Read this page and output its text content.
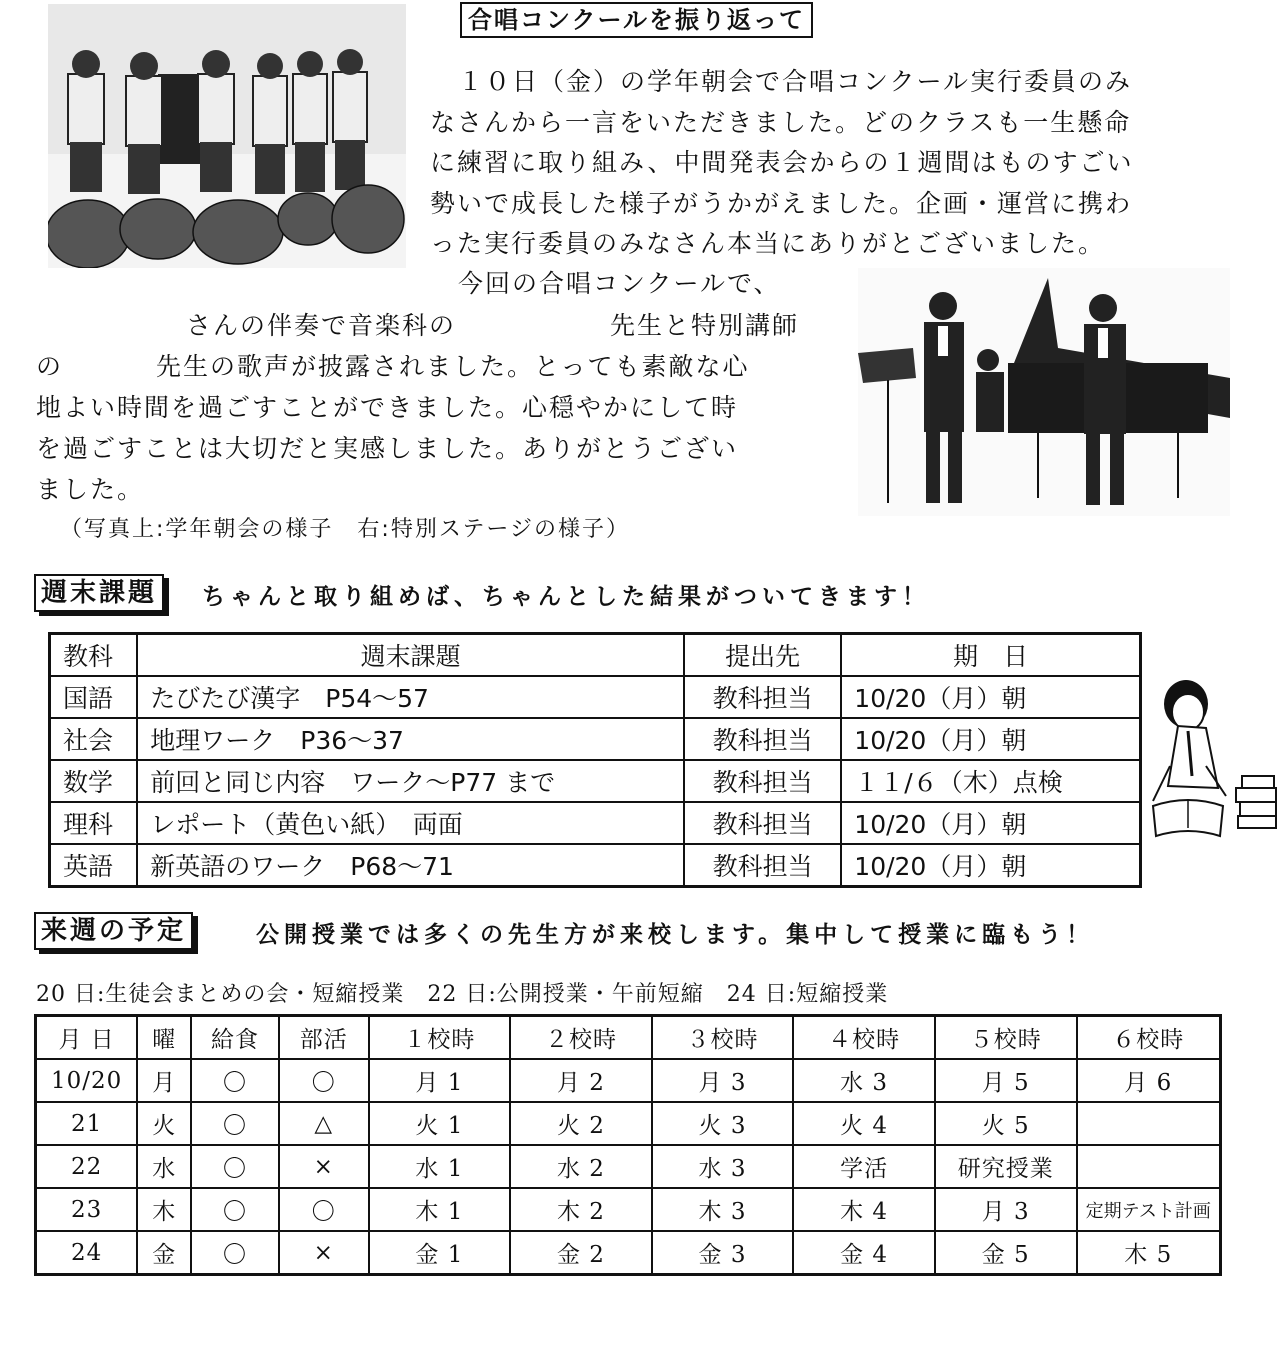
合唱コンクールを振り返って
１０日（金）の学年朝会で合唱コンクール実行委員のみ
なさんから一言をいただきました。どのクラスも一生懸命
に練習に取り組み、中間発表会からの１週間はものすごい
勢いで成長した様子がうかがえました。企画・運営に携わ
った実行委員のみなさん本当にありがとございました。
今回の合唱コンクールで、
さんの伴奏で音楽科の	先生と特別講師
の	先生の歌声が披露されました。とっても素敵な心
地よい時間を過ごすことができました。心穏やかにして時
を過ごすことは大切だと実感しました。ありがとうござい
ました。
（写真上:学年朝会の様子　右:特別ステージの様子）
週末課題	ちゃんと取り組めば、ちゃんとした結果がついてきます！
教科	週末課題	提出先	期　日
国語	たびたび漢字　P54～57	教科担当	10/20（月）朝
社会	地理ワーク　P36～37	教科担当	10/20（月）朝
数学	前回と同じ内容　ワーク～P77 まで	教科担当	１１/６（木）点検
理科	レポート（黄色い紙）　両面	教科担当	10/20（月）朝
英語	新英語のワーク　P68～71	教科担当	10/20（月）朝
来週の予定	公開授業では多くの先生方が来校します。集中して授業に臨もう！
20 日:生徒会まとめの会・短縮授業　22 日:公開授業・午前短縮　24 日:短縮授業
月 日	曜	給食	部活	１校時	２校時	３校時	４校時	５校時	６校時
10/20	月	〇	〇	月 1	月 2	月 3	水 3	月 5	月 6
21	火	〇	△	火 1	火 2	火 3	火 4	火 5	
22	水	〇	×	水 1	水 2	水 3	学活	研究授業	
23	木	〇	〇	木 1	木 2	木 3	木 4	月 3	定期テスト計画
24	金	〇	×	金 1	金 2	金 3	金 4	金 5	木 5
